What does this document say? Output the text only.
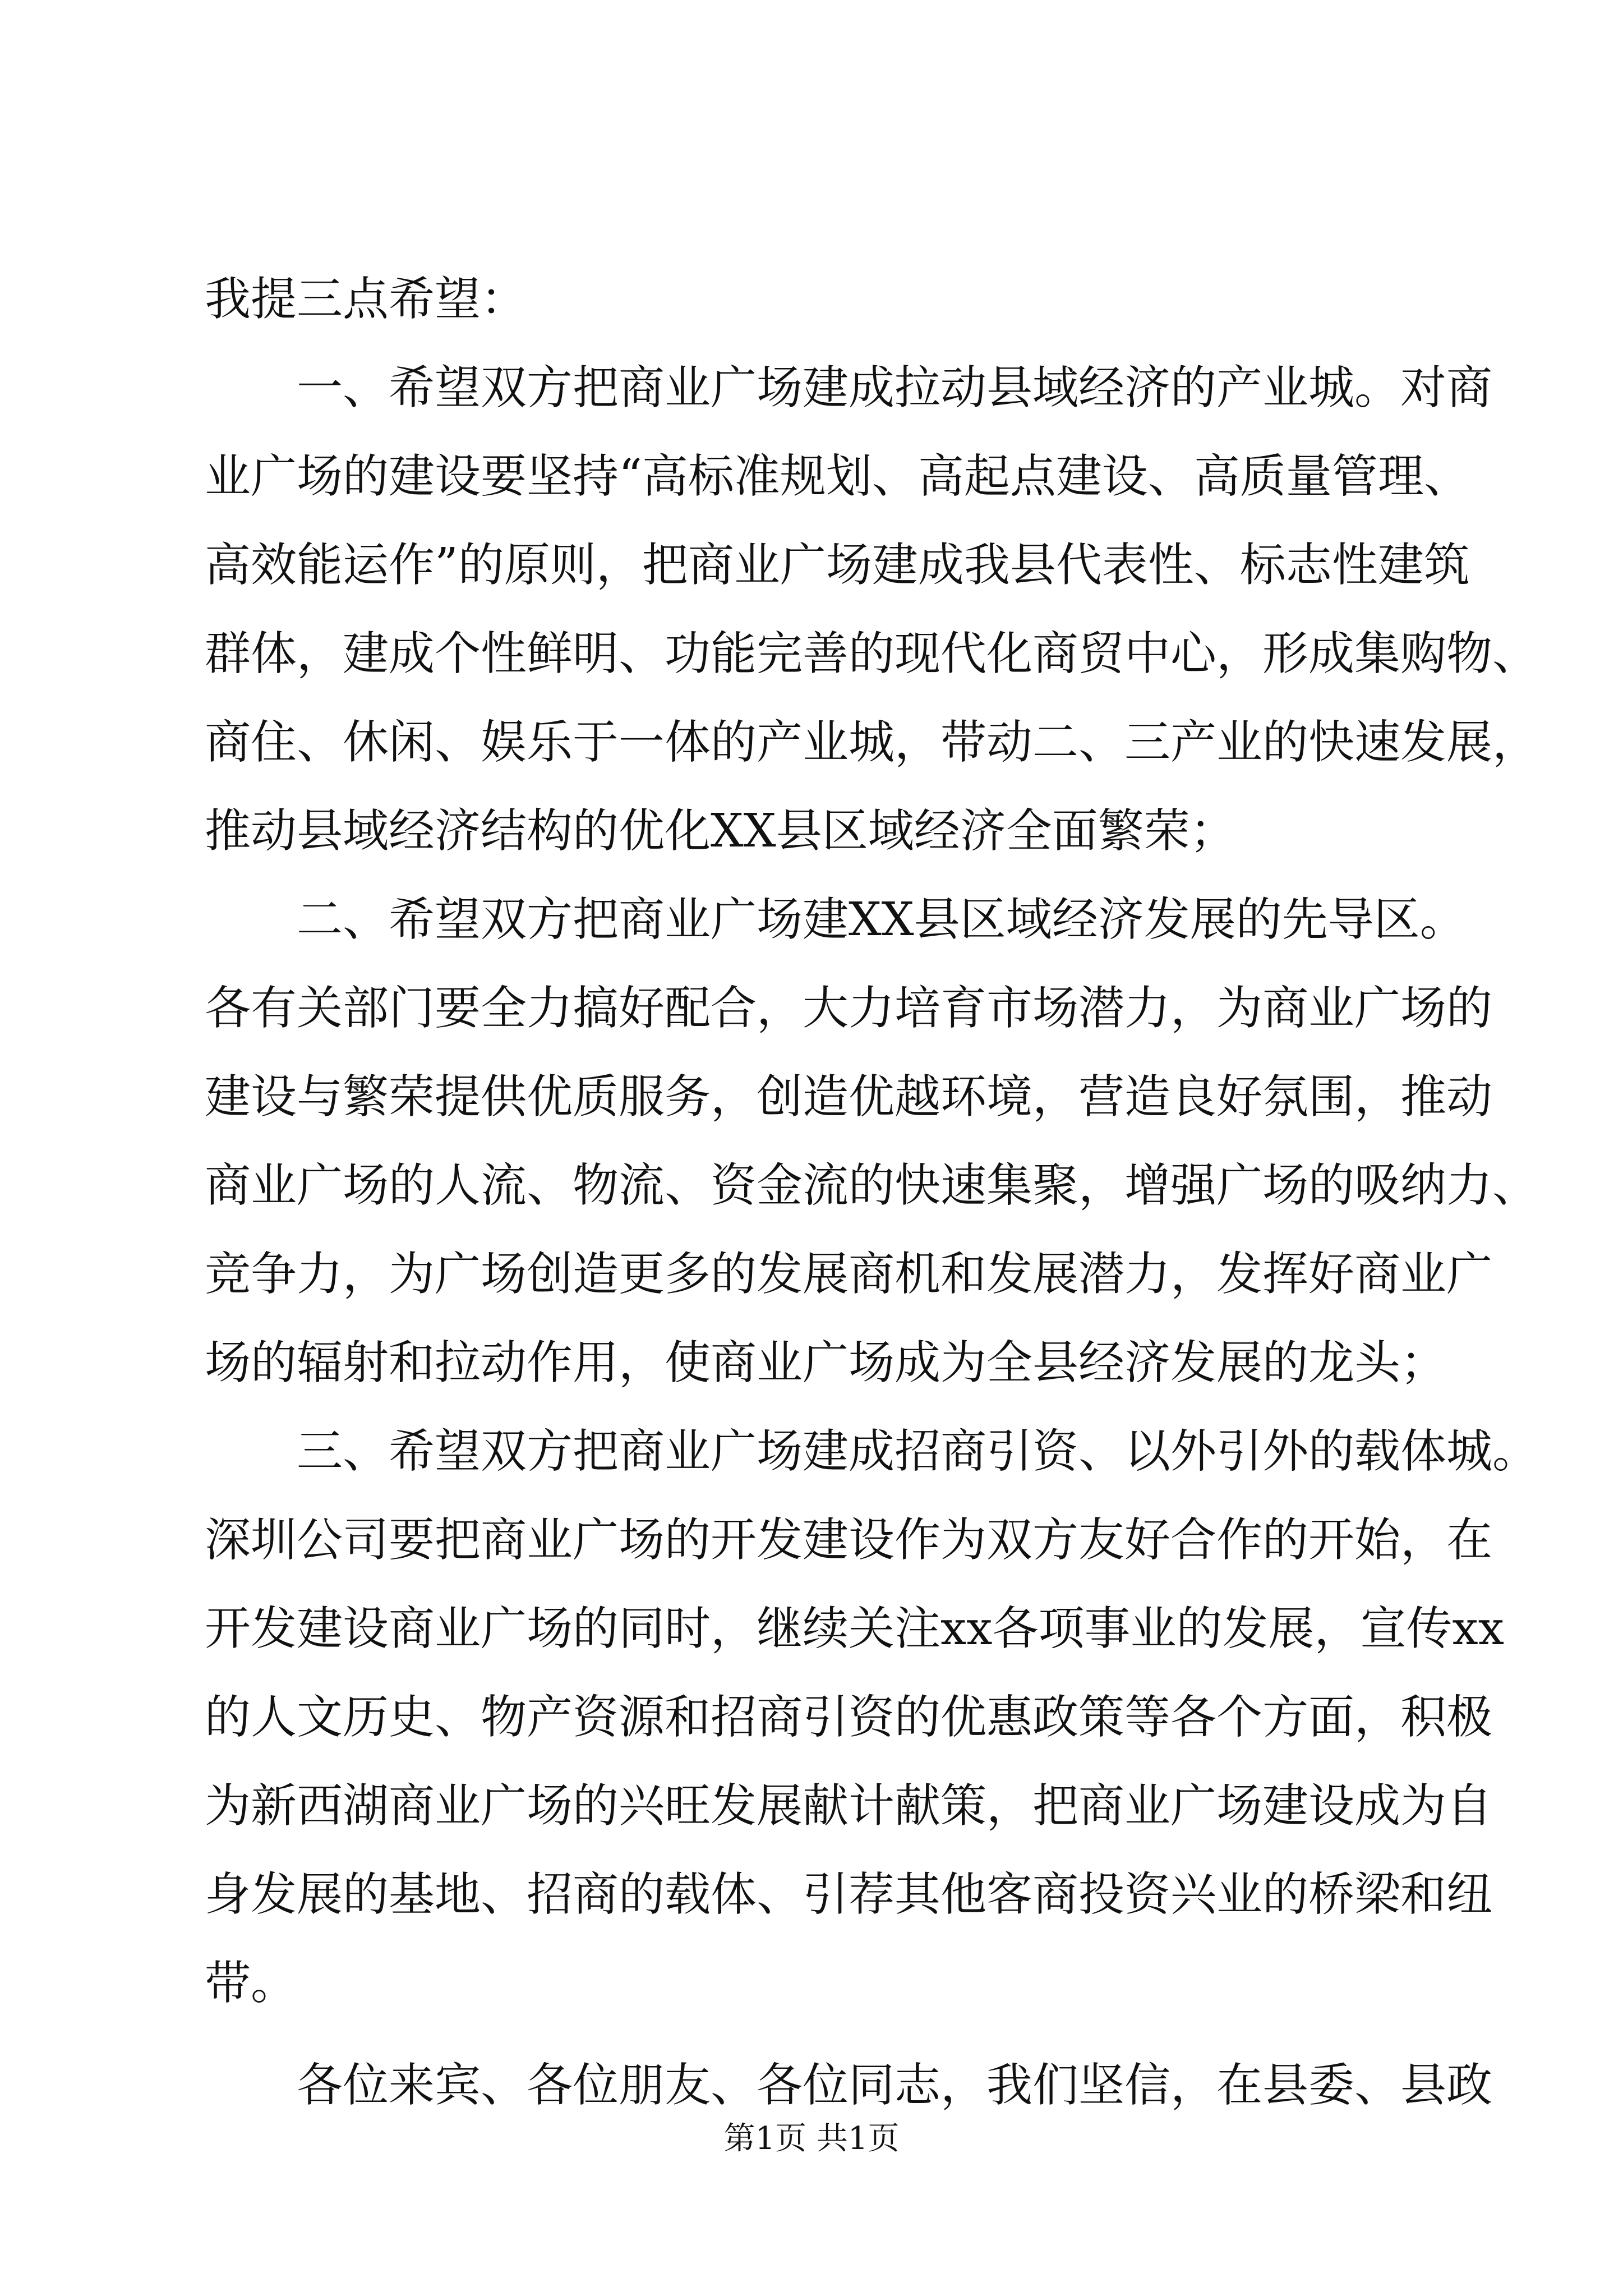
我提三点希望：
　　一、希望双方把商业广场建成拉动县域经济的产业城。对商
业广场的建设要坚持“高标准规划、高起点建设、高质量管理、
高效能运作”的原则，把商业广场建成我县代表性、标志性建筑
群体，建成个性鲜明、功能完善的现代化商贸中心，形成集购物、
商住、休闲、娱乐于一体的产业城，带动二、三产业的快速发展，
推动县域经济结构的优化XX县区域经济全面繁荣；
　　二、希望双方把商业广场建XX县区域经济发展的先导区。
各有关部门要全力搞好配合，大力培育市场潜力，为商业广场的
建设与繁荣提供优质服务，创造优越环境，营造良好氛围，推动
商业广场的人流、物流、资金流的快速集聚，增强广场的吸纳力、
竞争力，为广场创造更多的发展商机和发展潜力，发挥好商业广
场的辐射和拉动作用，使商业广场成为全县经济发展的龙头；
　　三、希望双方把商业广场建成招商引资、以外引外的载体城。
深圳公司要把商业广场的开发建设作为双方友好合作的开始，在
开发建设商业广场的同时，继续关注xx各项事业的发展，宣传xx
的人文历史、物产资源和招商引资的优惠政策等各个方面，积极
为新西湖商业广场的兴旺发展献计献策，把商业广场建设成为自
身发展的基地、招商的载体、引荐其他客商投资兴业的桥梁和纽
带。
　　各位来宾、各位朋友、各位同志，我们坚信，在县委、县政
第1页 共1页
